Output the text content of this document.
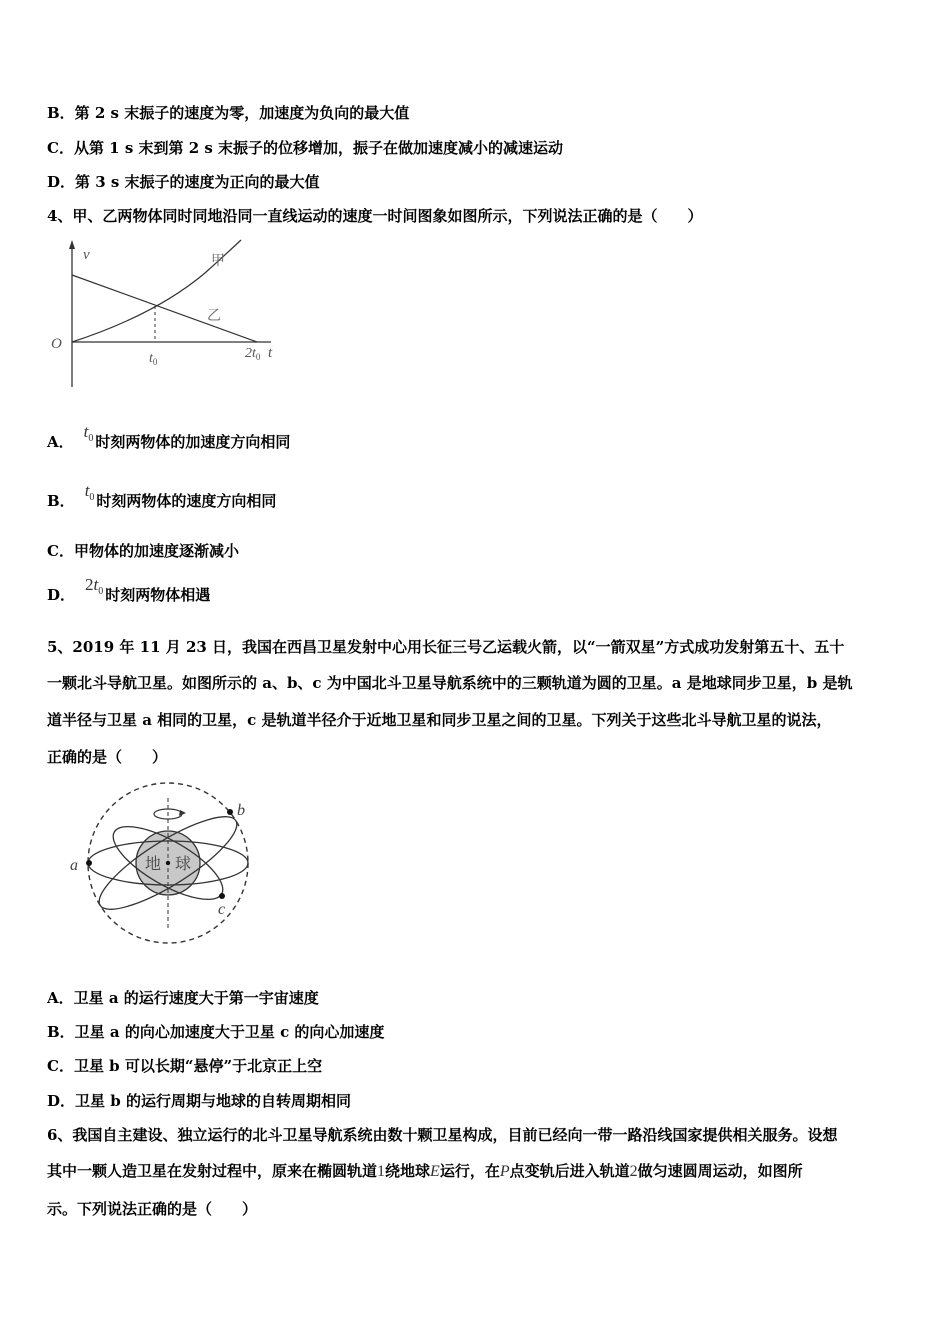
B．第 2 s 末振子的速度为零，加速度为负向的最大值
C．从第 1 s 末到第 2 s 末振子的位移增加，振子在做加速度减小的减速运动
D．第 3 s 末振子的速度为正向的最大值
4、甲、乙两物体同时同地沿同一直线运动的速度一时间图象如图所示，下列说法正确的是（　　）
v
t
O
甲
乙
$t_0$
$2t_0$
A．$t_0$ 时刻两物体的加速度方向相同
B．$t_0$ 时刻两物体的速度方向相同
C．甲物体的加速度逐渐减小
D．$2t_0$ 时刻两物体相遇
5、2019 年 11 月 23 日，我国在西昌卫星发射中心用长征三号乙运载火箭，以“一箭双星”方式成功发射第五十、五十
一颗北斗导航卫星。如图所示的 a、b、c 为中国北斗卫星导航系统中的三颗轨道为圆的卫星。a 是地球同步卫星，b 是轨
道半径与卫星 a 相同的卫星，c 是轨道半径介于近地卫星和同步卫星之间的卫星。下列关于这些北斗导航卫星的说法，
正确的是（　　）
地 球
a
b
c
A．卫星 a 的运行速度大于第一宇宙速度
B．卫星 a 的向心加速度大于卫星 c 的向心加速度
C．卫星 b 可以长期“悬停”于北京正上空
D．卫星 b 的运行周期与地球的自转周期相同
6、我国自主建设、独立运行的北斗卫星导航系统由数十颗卫星构成，目前已经向一带一路沿线国家提供相关服务。设想
其中一颗人造卫星在发射过程中，原来在椭圆轨道1绕地球E运行，在P点变轨后进入轨道2做匀速圆周运动，如图所
示。下列说法正确的是（　　）
